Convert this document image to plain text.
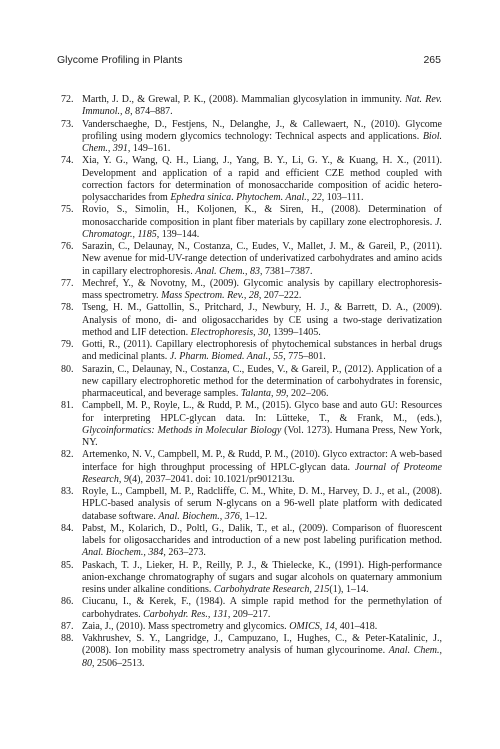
Glycome Profiling in Plants	265
72. Marth, J. D., & Grewal, P. K., (2008). Mammalian glycosylation in immunity. Nat. Rev. Immunol., 8, 874–887.
73. Vanderschaeghe, D., Festjens, N., Delanghe, J., & Callewaert, N., (2010). Glycome profiling using modern glycomics technology: Technical aspects and applications. Biol. Chem., 391, 149–161.
74. Xia, Y. G., Wang, Q. H., Liang, J., Yang, B. Y., Li, G. Y., & Kuang, H. X., (2011). Development and application of a rapid and efficient CZE method coupled with correction factors for determination of monosaccharide composition of acidic hetero-polysaccharides from Ephedra sinica. Phytochem. Anal., 22, 103–111.
75. Rovio, S., Simolin, H., Koljonen, K., & Siren, H., (2008). Determination of monosaccharide composition in plant fiber materials by capillary zone electrophoresis. J. Chromatogr., 1185, 139–144.
76. Sarazin, C., Delaunay, N., Costanza, C., Eudes, V., Mallet, J. M., & Gareil, P., (2011). New avenue for mid-UV-range detection of underivatized carbohydrates and amino acids in capillary electrophoresis. Anal. Chem., 83, 7381–7387.
77. Mechref, Y., & Novotny, M., (2009). Glycomic analysis by capillary electrophoresis-mass spectrometry. Mass Spectrom. Rev., 28, 207–222.
78. Tseng, H. M., Gattollin, S., Pritchard, J., Newbury, H. J., & Barrett, D. A., (2009). Analysis of mono, di- and oligosaccharides by CE using a two-stage derivatization method and LIF detection. Electrophoresis, 30, 1399–1405.
79. Gotti, R., (2011). Capillary electrophoresis of phytochemical substances in herbal drugs and medicinal plants. J. Pharm. Biomed. Anal., 55, 775–801.
80. Sarazin, C., Delaunay, N., Costanza, C., Eudes, V., & Gareil, P., (2012). Application of a new capillary electrophoretic method for the determination of carbohydrates in forensic, pharmaceutical, and beverage samples. Talanta, 99, 202–206.
81. Campbell, M. P., Royle, L., & Rudd, P. M., (2015). Glyco base and auto GU: Resources for interpreting HPLC-glycan data. In: Lütteke, T., & Frank, M., (eds.), Glycoinformatics: Methods in Molecular Biology (Vol. 1273). Humana Press, New York, NY.
82. Artemenko, N. V., Campbell, M. P., & Rudd, P. M., (2010). Glyco extractor: A web-based interface for high throughput processing of HPLC-glycan data. Journal of Proteome Research, 9(4), 2037–2041. doi: 10.1021/pr901213u.
83. Royle, L., Campbell, M. P., Radcliffe, C. M., White, D. M., Harvey, D. J., et al., (2008). HPLC-based analysis of serum N-glycans on a 96-well plate platform with dedicated database software. Anal. Biochem., 376, 1–12.
84. Pabst, M., Kolarich, D., Poltl, G., Dalik, T., et al., (2009). Comparison of fluorescent labels for oligosaccharides and introduction of a new post labeling purification method. Anal. Biochem., 384, 263–273.
85. Paskach, T. J., Lieker, H. P., Reilly, P. J., & Thielecke, K., (1991). High-performance anion-exchange chromatography of sugars and sugar alcohols on quaternary ammonium resins under alkaline conditions. Carbohydrate Research, 215(1), 1–14.
86. Ciucanu, I., & Kerek, F., (1984). A simple rapid method for the permethylation of carbohydrates. Carbohydr. Res., 131, 209–217.
87. Zaia, J., (2010). Mass spectrometry and glycomics. OMICS, 14, 401–418.
88. Vakhrushev, S. Y., Langridge, J., Campuzano, I., Hughes, C., & Peter-Katalinic, J., (2008). Ion mobility mass spectrometry analysis of human glycourinome. Anal. Chem., 80, 2506–2513.
